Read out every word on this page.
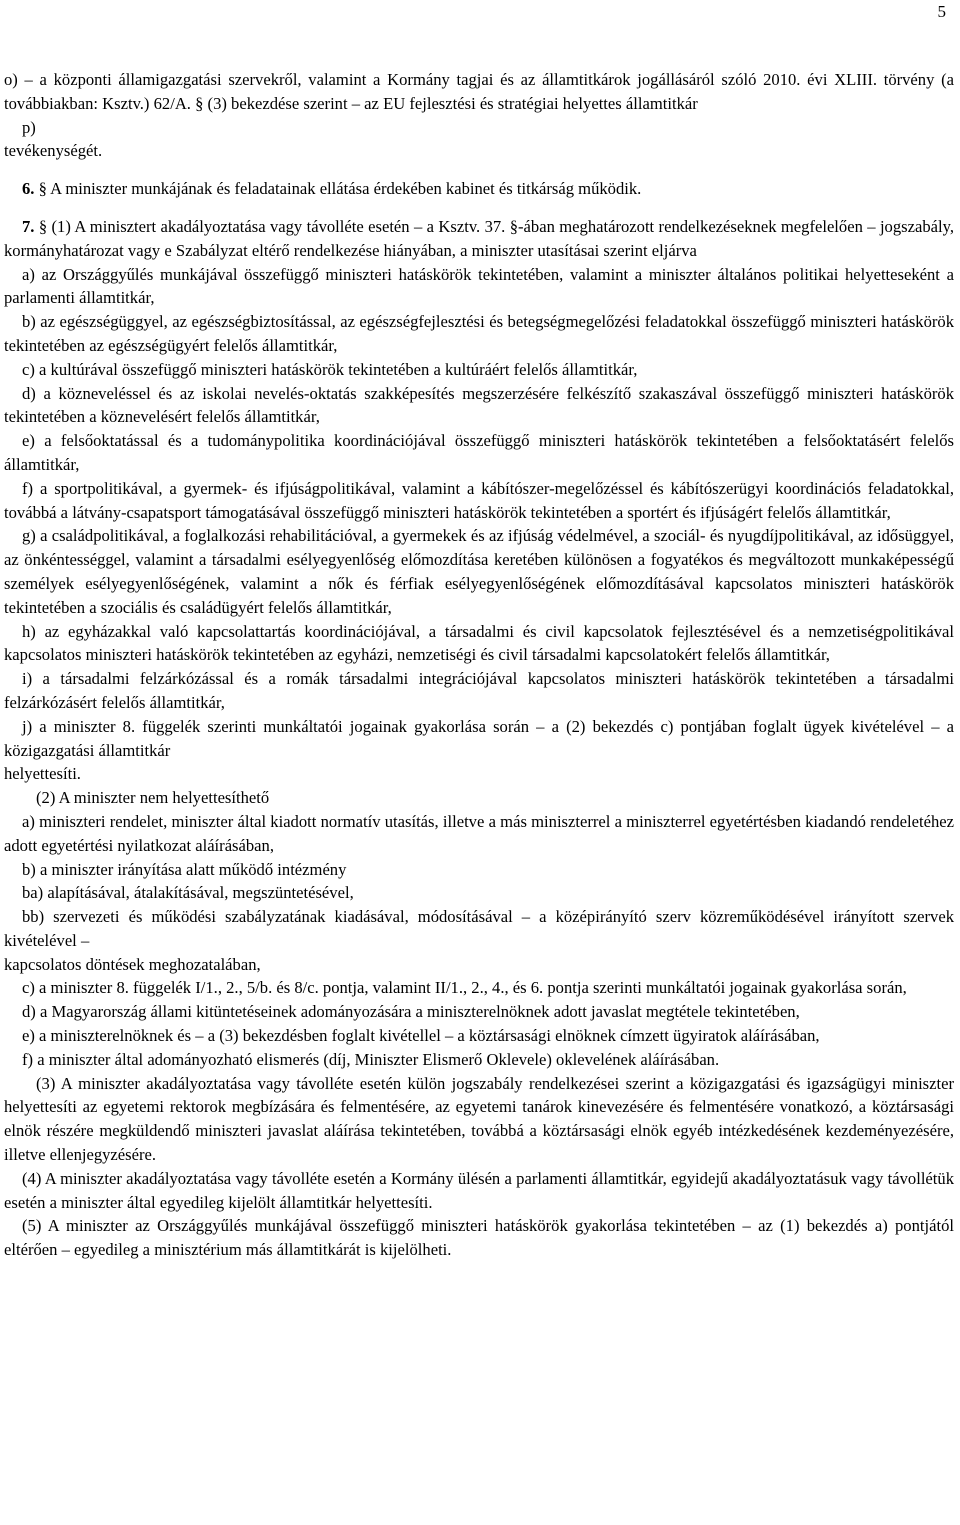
5

o) – a központi államigazgatási szervekről, valamint a Kormány tagjai és az államtitkárok jogállásáról szóló 2010. évi XLIII. törvény (a továbbiakban: Ksztv.) 62/A. § (3) bekezdése szerint – az EU fejlesztési és stratégiai helyettes államtitkár

p)

tevékenységét.

6. § A miniszter munkájának és feladatainak ellátása érdekében kabinet és titkárság működik.

7. § (1) A minisztert akadályoztatása vagy távolléte esetén – a Ksztv. 37. §-ában meghatározott rendelkezéseknek megfelelően – jogszabály, kormányhatározat vagy e Szabályzat eltérő rendelkezése hiányában, a miniszter utasításai szerint eljárva

a) az Országgyűlés munkájával összefüggő miniszteri hatáskörök tekintetében, valamint a miniszter általános politikai helyetteseként a parlamenti államtitkár,

b) az egészségüggyel, az egészségbiztosítással, az egészségfejlesztési és betegségmegelőzési feladatokkal összefüggő miniszteri hatáskörök tekintetében az egészségügyért felelős államtitkár,

c) a kultúrával összefüggő miniszteri hatáskörök tekintetében a kultúráért felelős államtitkár,

d) a közneveléssel és az iskolai nevelés-oktatás szakképesítés megszerzésére felkészítő szakaszával összefüggő miniszteri hatáskörök tekintetében a köznevelésért felelős államtitkár,

e) a felsőoktatással és a tudománypolitika koordinációjával összefüggő miniszteri hatáskörök tekintetében a felsőoktatásért felelős államtitkár,

f) a sportpolitikával, a gyermek- és ifjúságpolitikával, valamint a kábítószer-megelőzéssel és kábítószerügyi koordinációs feladatokkal, továbbá a látvány-csapatsport támogatásával összefüggő miniszteri hatáskörök tekintetében a sportért és ifjúságért felelős államtitkár,

g) a családpolitikával, a foglalkozási rehabilitációval, a gyermekek és az ifjúság védelmével, a szociál- és nyugdíjpolitikával, az idősüggyel, az önkéntességgel, valamint a társadalmi esélyegyenlőség előmozdítása keretében különösen a fogyatékos és megváltozott munkaképességű személyek esélyegyenlőségének, valamint a nők és férfiak esélyegyenlőségének előmozdításával kapcsolatos miniszteri hatáskörök tekintetében a szociális és családügyért felelős államtitkár,

h) az egyházakkal való kapcsolattartás koordinációjával, a társadalmi és civil kapcsolatok fejlesztésével és a nemzetiségpolitikával kapcsolatos miniszteri hatáskörök tekintetében az egyházi, nemzetiségi és civil társadalmi kapcsolatokért felelős államtitkár,

i) a társadalmi felzárkózással és a romák társadalmi integrációjával kapcsolatos miniszteri hatáskörök tekintetében a társadalmi felzárkózásért felelős államtitkár,

j) a miniszter 8. függelék szerinti munkáltatói jogainak gyakorlása során – a (2) bekezdés c) pontjában foglalt ügyek kivételével – a közigazgatási államtitkár

helyettesíti.

(2) A miniszter nem helyettesíthető

a) miniszteri rendelet, miniszter által kiadott normatív utasítás, illetve a más miniszterrel a miniszterrel egyetértésben kiadandó rendeletéhez adott egyetértési nyilatkozat aláírásában,

b) a miniszter irányítása alatt működő intézmény

ba) alapításával, átalakításával, megszüntetésével,

bb) szervezeti és működési szabályzatának kiadásával, módosításával – a középirányító szerv közreműködésével irányított szervek kivételével –

kapcsolatos döntések meghozatalában,

c) a miniszter 8. függelék I/1., 2., 5/b. és 8/c. pontja, valamint II/1., 2., 4., és 6. pontja szerinti munkáltatói jogainak gyakorlása során,

d) a Magyarország állami kitüntetéseinek adományozására a miniszterelnöknek adott javaslat megtétele tekintetében,

e) a miniszterelnöknek és – a (3) bekezdésben foglalt kivétellel – a köztársasági elnöknek címzett ügyiratok aláírásában,

f) a miniszter által adományozható elismerés (díj, Miniszter Elismerő Oklevele) oklevelének aláírásában.

(3) A miniszter akadályoztatása vagy távolléte esetén külön jogszabály rendelkezései szerint a közigazgatási és igazságügyi miniszter helyettesíti az egyetemi rektorok megbízására és felmentésére, az egyetemi tanárok kinevezésére és felmentésére vonatkozó, a köztársasági elnök részére megküldendő miniszteri javaslat aláírása tekintetében, továbbá a köztársasági elnök egyéb intézkedésének kezdeményezésére, illetve ellenjegyzésére.

(4) A miniszter akadályoztatása vagy távolléte esetén a Kormány ülésén a parlamenti államtitkár, egyidejű akadályoztatásuk vagy távollétük esetén a miniszter által egyedileg kijelölt államtitkár helyettesíti.

(5) A miniszter az Országgyűlés munkájával összefüggő miniszteri hatáskörök gyakorlása tekintetében – az (1) bekezdés a) pontjától eltérően – egyedileg a minisztérium más államtitkárát is kijelölheti.
